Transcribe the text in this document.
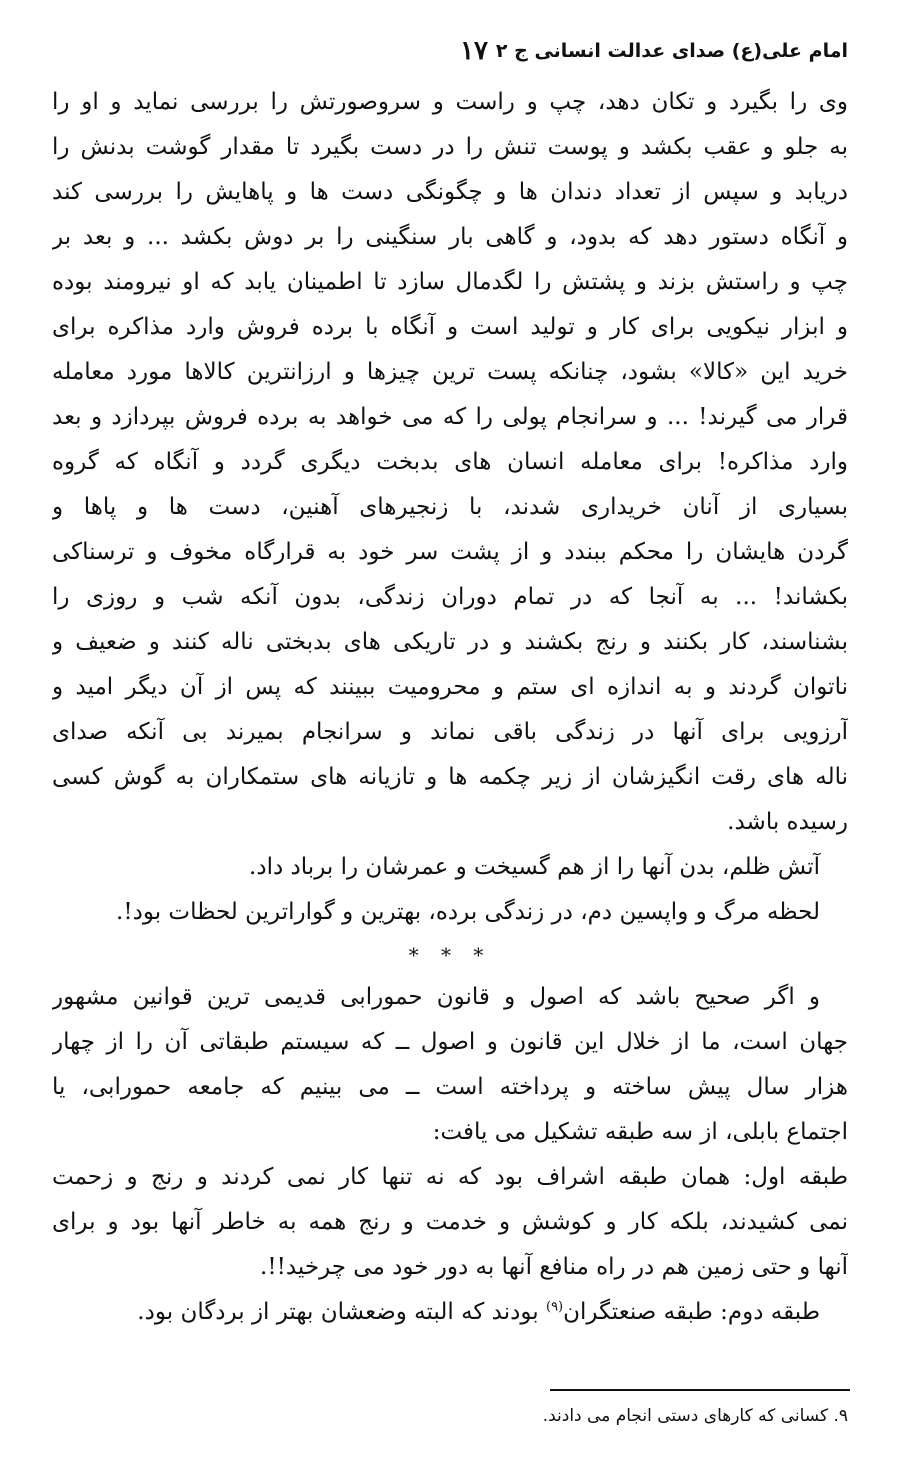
امام علی(ع) صدای عدالت انسانی ج ۲
۱۷
وی را بگیرد و تکان دهد، چپ و راست و سروصورتش را بررسی نماید و او را
به جلو و عقب بکشد و پوست تنش را در دست بگیرد تا مقدار گوشت بدنش را
دریابد و سپس از تعداد دندان ها و چگونگی دست ها و پاهایش را بررسی کند
و آنگاه دستور دهد که بدود، و گاهی بار سنگینی را بر دوش بکشد ... و بعد بر
چپ و راستش بزند و پشتش را لگدمال سازد تا اطمینان یابد که او نیرومند بوده
و ابزار نیکویی برای کار و تولید است و آنگاه با برده فروش وارد مذاکره برای
خرید این «کالا» بشود، چنانکه پست ترین چیزها و ارزانترین کالاها مورد معامله
قرار می گیرند! ... و سرانجام پولی را که می خواهد به برده فروش بپردازد و بعد
وارد مذاکره! برای معامله انسان های بدبخت دیگری گردد و آنگاه که گروه
بسیاری از آنان خریداری شدند، با زنجیرهای آهنین، دست ها و پاها و
گردن هایشان را محکم ببندد و از پشت سر خود به قرارگاه مخوف و ترسناکی
بکشاند! ... به آنجا که در تمام دوران زندگی، بدون آنکه شب و روزی را
بشناسند، کار بکنند و رنج بکشند و در تاریکی های بدبختی ناله کنند و ضعیف و
ناتوان گردند و به اندازه ای ستم و محرومیت ببینند که پس از آن دیگر امید و
آرزویی برای آنها در زندگی باقی نماند و سرانجام بمیرند بی آنکه صدای
ناله های رقت انگیزشان از زیر چکمه ها و تازیانه های ستمکاران به گوش کسی
رسیده باشد.
آتش ظلم، بدن آنها را از هم گسیخت و عمرشان را برباد داد.
لحظه مرگ و واپسین دم، در زندگی برده، بهترین و گواراترین لحظات بود!.
* * *
و اگر صحیح باشد که اصول و قانون حمورابی قدیمی ترین قوانین مشهور
جهان است، ما از خلال این قانون و اصول ــ که سیستم طبقاتی آن را از چهار
هزار سال پیش ساخته و پرداخته است ــ می بینیم که جامعه حمورابی، یا
اجتماع بابلی، از سه طبقه تشکیل می یافت:
طبقه اول: همان طبقه اشراف بود که نه تنها کار نمی کردند و رنج و زحمت
نمی کشیدند، بلکه کار و کوشش و خدمت و رنج همه به خاطر آنها بود و برای
آنها و حتی زمین هم در راه منافع آنها به دور خود می چرخید!!.
طبقه دوم: طبقه صنعتگران$^{(۹)}$ بودند که البته وضعشان بهتر از بردگان بود.
۹. کسانی که کارهای دستی انجام می دادند.
